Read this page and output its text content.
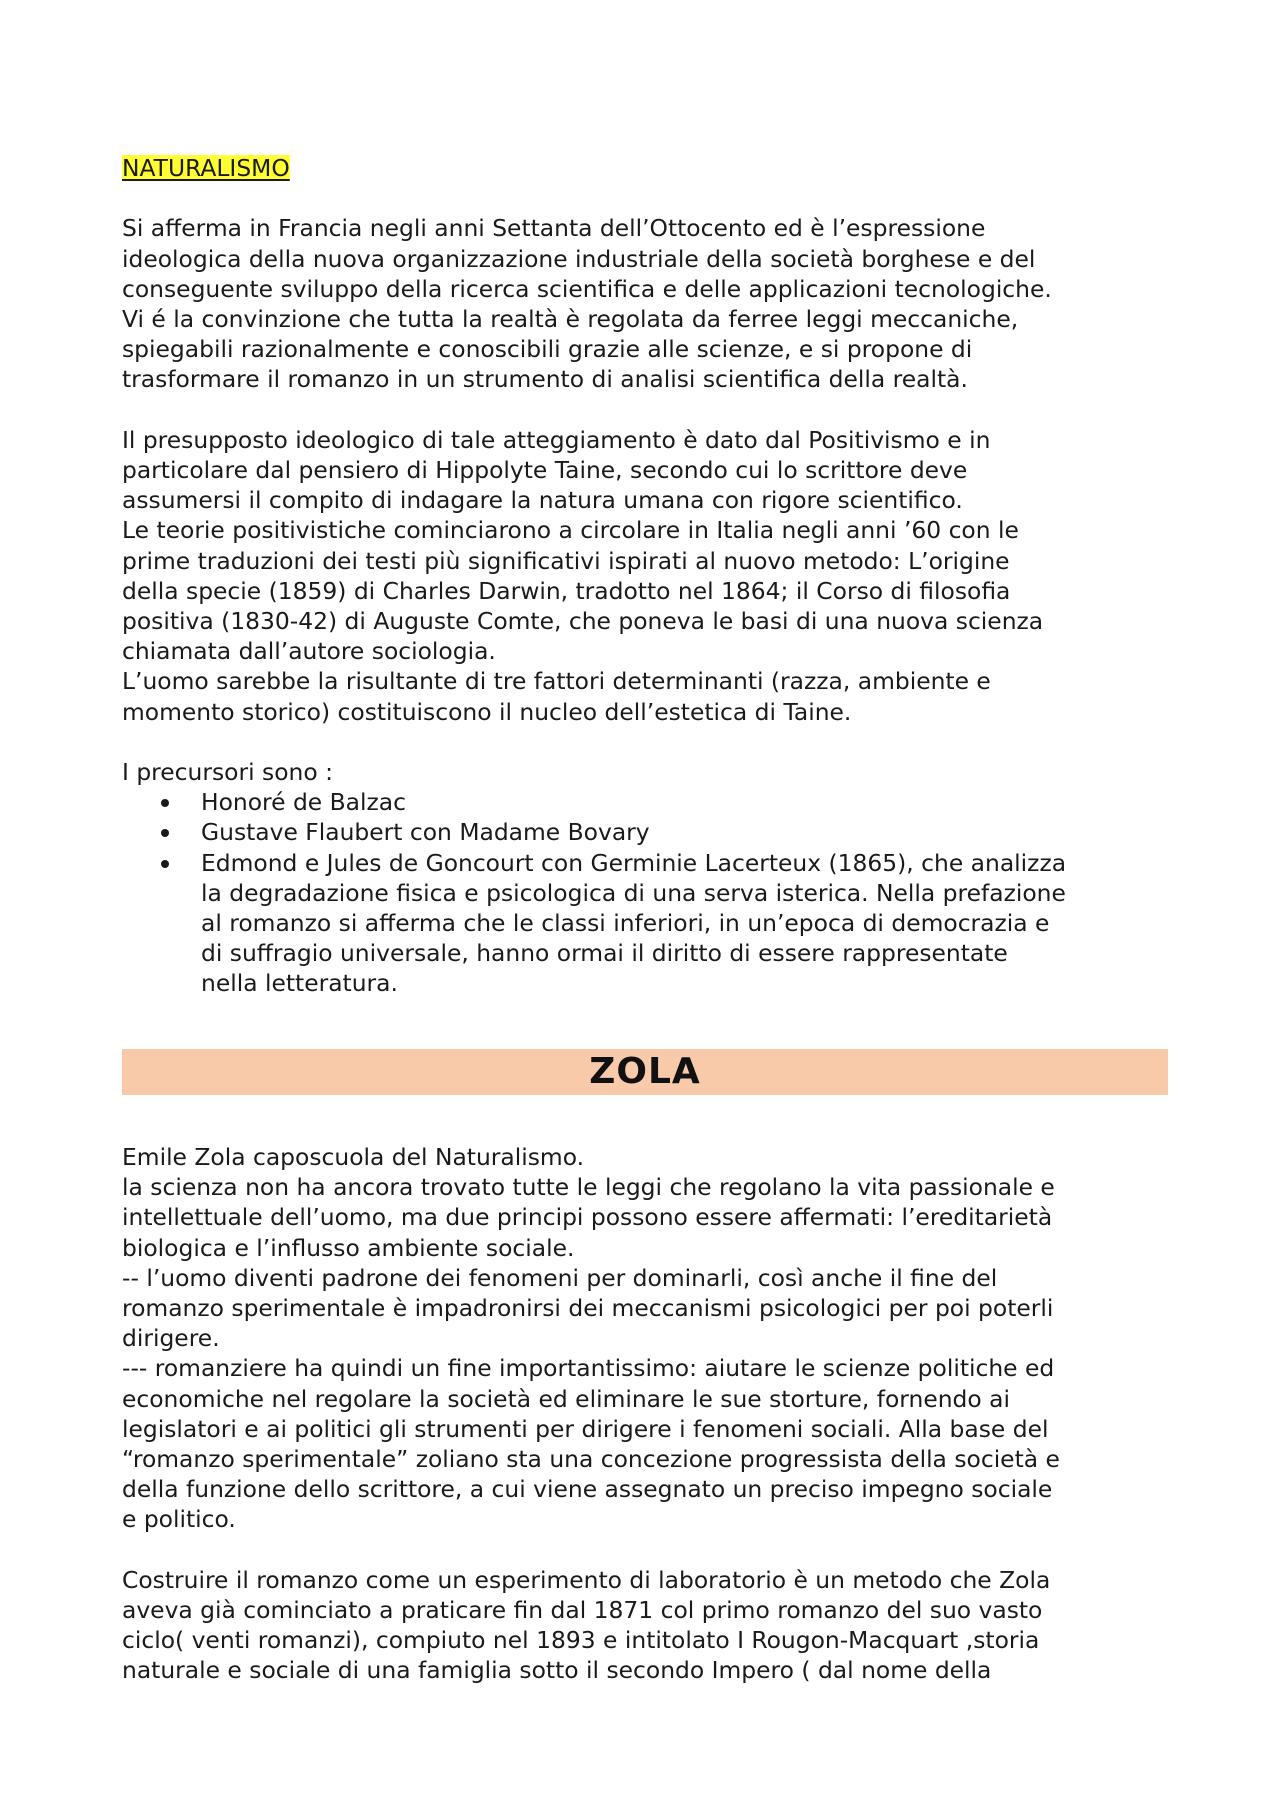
NATURALISMO
Si afferma in Francia negli anni Settanta dell’Ottocento ed è l’espressione
ideologica della nuova organizzazione industriale della società borghese e del
conseguente sviluppo della ricerca scientifica e delle applicazioni tecnologiche.
Vi é la convinzione che tutta la realtà è regolata da ferree leggi meccaniche,
spiegabili razionalmente e conoscibili grazie alle scienze, e si propone di
trasformare il romanzo in un strumento di analisi scientifica della realtà.
Il presupposto ideologico di tale atteggiamento è dato dal Positivismo e in
particolare dal pensiero di Hippolyte Taine, secondo cui lo scrittore deve
assumersi il compito di indagare la natura umana con rigore scientifico.
Le teorie positivistiche cominciarono a circolare in Italia negli anni ’60 con le
prime traduzioni dei testi più significativi ispirati al nuovo metodo: L’origine
della specie (1859) di Charles Darwin, tradotto nel 1864; il Corso di filosofia
positiva (1830-42) di Auguste Comte, che poneva le basi di una nuova scienza
chiamata dall’autore sociologia.
L’uomo sarebbe la risultante di tre fattori determinanti (razza, ambiente e
momento storico) costituiscono il nucleo dell’estetica di Taine.
I precursori sono :
Honoré de Balzac
Gustave Flaubert con Madame Bovary
Edmond e Jules de Goncourt con Germinie Lacerteux (1865), che analizza
la degradazione fisica e psicologica di una serva isterica. Nella prefazione
al romanzo si afferma che le classi inferiori, in un’epoca di democrazia e
di suffragio universale, hanno ormai il diritto di essere rappresentate
nella letteratura.
ZOLA
Emile Zola caposcuola del Naturalismo.
la scienza non ha ancora trovato tutte le leggi che regolano la vita passionale e
intellettuale dell’uomo, ma due principi possono essere affermati: l’ereditarietà
biologica e l’influsso ambiente sociale.
-- l’uomo diventi padrone dei fenomeni per dominarli, così anche il fine del
romanzo sperimentale è impadronirsi dei meccanismi psicologici per poi poterli
dirigere.
--- romanziere ha quindi un fine importantissimo: aiutare le scienze politiche ed
economiche nel regolare la società ed eliminare le sue storture, fornendo ai
legislatori e ai politici gli strumenti per dirigere i fenomeni sociali. Alla base del
“romanzo sperimentale” zoliano sta una concezione progressista della società e
della funzione dello scrittore, a cui viene assegnato un preciso impegno sociale
e politico.
Costruire il romanzo come un esperimento di laboratorio è un metodo che Zola
aveva già cominciato a praticare fin dal 1871 col primo romanzo del suo vasto
ciclo( venti romanzi), compiuto nel 1893 e intitolato I Rougon-Macquart ,storia
naturale e sociale di una famiglia sotto il secondo Impero ( dal nome della
